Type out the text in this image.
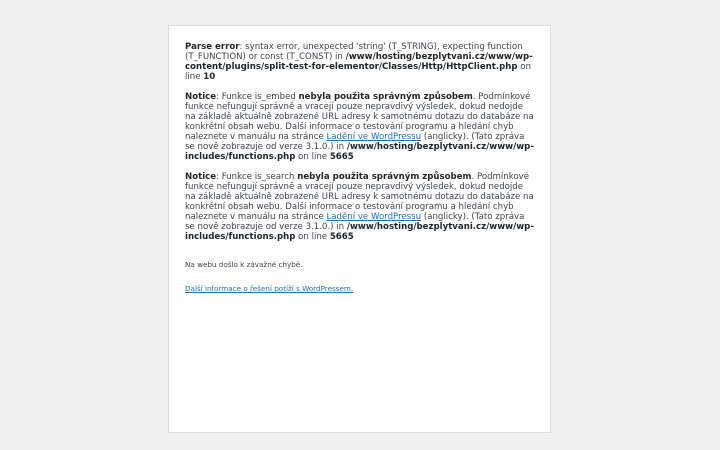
Parse error: syntax error, unexpected 'string' (T_STRING), expecting function (T_FUNCTION) or const (T_CONST) in /www/hosting/bezplytvani.cz/www/wp-content/plugins/split-test-for-elementor/Classes/Http/HttpClient.php on line 10

Notice: Funkce is_embed nebyla použita správným způsobem. Podmínkové funkce nefungují správně a vracejí pouze nepravdivý výsledek, dokud nedojde na základě aktuálně zobrazené URL adresy k samotnému dotazu do databáze na konkrétní obsah webu. Další informace o testování programu a hledání chyb naleznete v manuálu na stránce Ladění ve WordPressu (anglicky). (Tato zpráva se nově zobrazuje od verze 3.1.0.) in /www/hosting/bezplytvani.cz/www/wp-includes/functions.php on line 5665

Notice: Funkce is_search nebyla použita správným způsobem. Podmínkové funkce nefungují správně a vracejí pouze nepravdivý výsledek, dokud nedojde na základě aktuálně zobrazené URL adresy k samotnému dotazu do databáze na konkrétní obsah webu. Další informace o testování programu a hledání chyb naleznete v manuálu na stránce Ladění ve WordPressu (anglicky). (Tato zpráva se nově zobrazuje od verze 3.1.0.) in /www/hosting/bezplytvani.cz/www/wp-includes/functions.php on line 5665

Na webu došlo k závažné chybě.

Další informace o řešení potíží s WordPressem.
